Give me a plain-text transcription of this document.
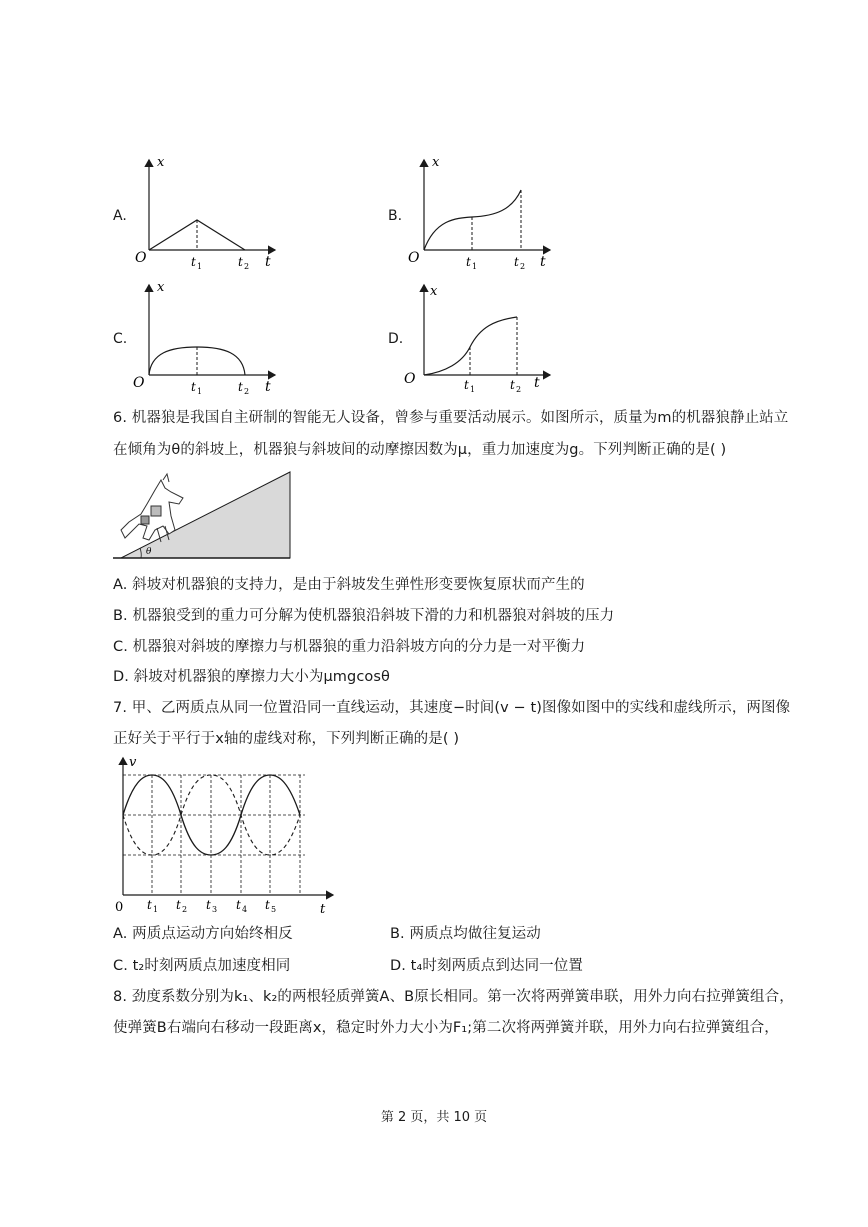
A.
x
O	t 1	t 2 t
B.
x
O	t 1	t 2 t
C.
x
O	t 1	t 2 t
D.
x
O	t 1	t 2 t
6. 机器狼是我国自主研制的智能无人设备，曾参与重要活动展示。如图所示，质量为m的机器狼静止站立
在倾角为θ的斜坡上，机器狼与斜坡间的动摩擦因数为μ，重力加速度为g。下列判断正确的是( )
θ
A. 斜坡对机器狼的支持力，是由于斜坡发生弹性形变要恢复原状而产生的
B. 机器狼受到的重力可分解为使机器狼沿斜坡下滑的力和机器狼对斜坡的压力
C. 机器狼对斜坡的摩擦力与机器狼的重力沿斜坡方向的分力是一对平衡力
D. 斜坡对机器狼的摩擦力大小为μmgcosθ
7. 甲、乙两质点从同一位置沿同一直线运动，其速度−时间(v − t)图像如图中的实线和虚线所示，两图像
正好关于平行于x轴的虚线对称，下列判断正确的是( )
v
0	t
t 1 t 2 t 3 t 4 t 5
A. 两质点运动方向始终相反	B. 两质点均做往复运动
C. t₂时刻两质点加速度相同	D. t₄时刻两质点到达同一位置
8. 劲度系数分别为k₁、k₂的两根轻质弹簧A、B原长相同。第一次将两弹簧串联，用外力向右拉弹簧组合，
使弹簧B右端向右移动一段距离x，稳定时外力大小为F₁;第二次将两弹簧并联，用外力向右拉弹簧组合，
第 2 页，共 10 页
